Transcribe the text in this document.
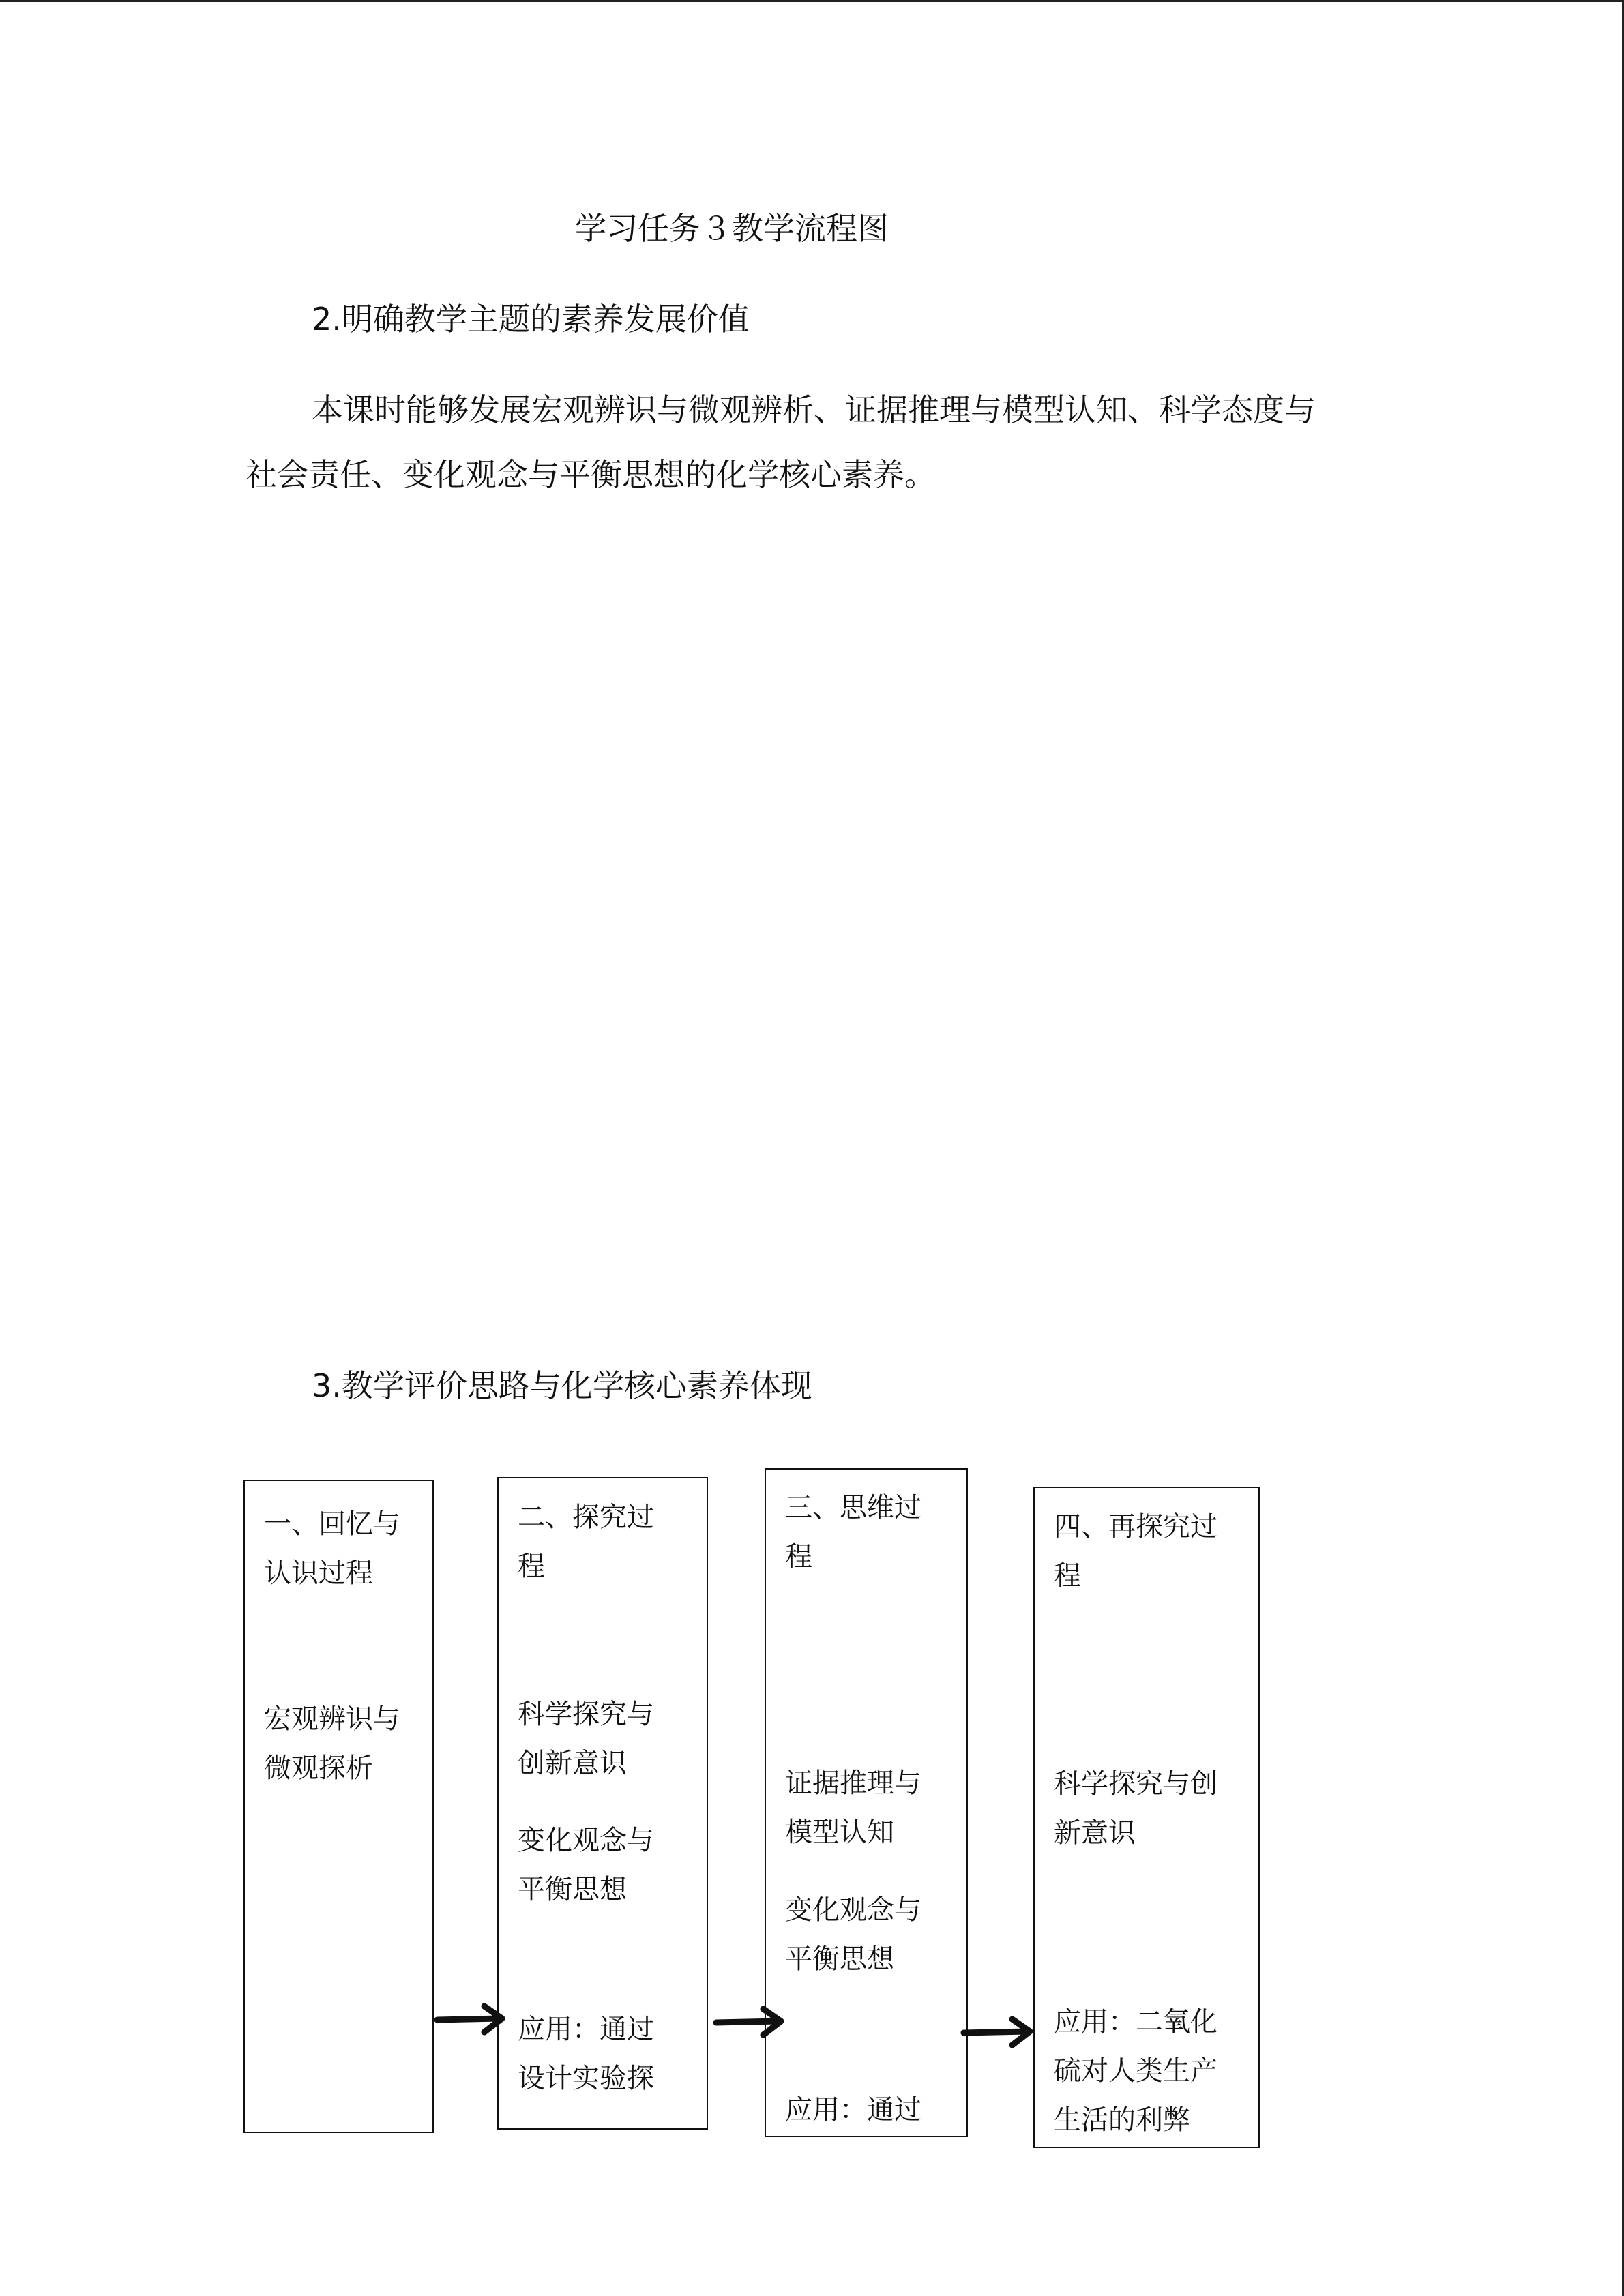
学习任务３教学流程图
2.明确教学主题的素养发展价值
本课时能够发展宏观辨识与微观辨析、证据推理与模型认知、科学态度与
社会责任、变化观念与平衡思想的化学核心素养。
3.教学评价思路与化学核心素养体现
一、回忆与
认识过程
宏观辨识与
微观探析
二、探究过
程
科学探究与
创新意识
变化观念与
平衡思想
应用：通过
设计实验探
三、思维过
程
证据推理与
模型认知
变化观念与
平衡思想
应用：通过
四、再探究过
程
科学探究与创
新意识
应用：二氧化
硫对人类生产
生活的利弊
